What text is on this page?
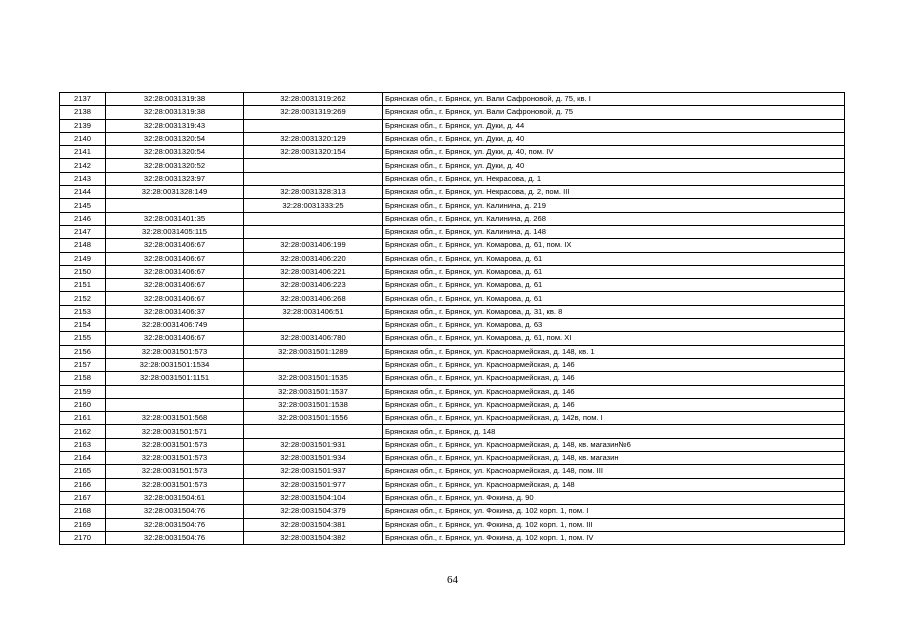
2137	32:28:0031319:38	32:28:0031319:262	Брянская обл., г. Брянск, ул. Вали Сафроновой, д. 75, кв. I
2138	32:28:0031319:38	32:28:0031319:269	Брянская обл., г. Брянск, ул. Вали Сафроновой, д. 75
2139	32:28:0031319:43		Брянская обл., г. Брянск, ул. Дуки, д. 44
2140	32:28:0031320:54	32:28:0031320:129	Брянская обл., г. Брянск, ул. Дуки, д. 40
2141	32:28:0031320:54	32:28:0031320:154	Брянская обл., г. Брянск, ул. Дуки, д. 40, пом. IV
2142	32:28:0031320:52		Брянская обл., г. Брянск, ул. Дуки, д. 40
2143	32:28:0031323:97		Брянская обл., г. Брянск, ул. Некрасова, д. 1
2144	32:28:0031328:149	32:28:0031328:313	Брянская обл., г. Брянск, ул. Некрасова, д. 2, пом. III
2145		32:28:0031333:25	Брянская обл., г. Брянск, ул. Калинина, д. 219
2146	32:28:0031401:35		Брянская обл., г. Брянск, ул. Калинина, д. 268
2147	32:28:0031405:115		Брянская обл., г. Брянск, ул. Калинина, д. 148
2148	32:28:0031406:67	32:28:0031406:199	Брянская обл., г. Брянск, ул. Комарова, д. 61, пом. IX
2149	32:28:0031406:67	32:28:0031406:220	Брянская обл., г. Брянск, ул. Комарова, д. 61
2150	32:28:0031406:67	32:28:0031406:221	Брянская обл., г. Брянск, ул. Комарова, д. 61
2151	32:28:0031406:67	32:28:0031406:223	Брянская обл., г. Брянск, ул. Комарова, д. 61
2152	32:28:0031406:67	32:28:0031406:268	Брянская обл., г. Брянск, ул. Комарова, д. 61
2153	32:28:0031406:37	32:28:0031406:51	Брянская обл., г. Брянск, ул. Комарова, д. 31, кв. 8
2154	32:28:0031406:749		Брянская обл., г. Брянск, ул. Комарова, д. 63
2155	32:28:0031406:67	32:28:0031406:780	Брянская обл., г. Брянск, ул. Комарова, д. 61, пом. XI
2156	32:28:0031501:573	32:28:0031501:1289	Брянская обл., г. Брянск, ул. Красноармейская, д. 148, кв. 1
2157	32:28:0031501:1534		Брянская обл., г. Брянск, ул. Красноармейская, д. 146
2158	32:28:0031501:1151	32:28:0031501:1535	Брянская обл., г. Брянск, ул. Красноармейская, д. 146
2159		32:28:0031501:1537	Брянская обл., г. Брянск, ул. Красноармейская, д. 146
2160		32:28:0031501:1538	Брянская обл., г. Брянск, ул. Красноармейская, д. 146
2161	32:28:0031501:568	32:28:0031501:1556	Брянская обл., г. Брянск, ул. Красноармейская, д. 142в, пом. I
2162	32:28:0031501:571		Брянская обл., г. Брянск, д. 148
2163	32:28:0031501:573	32:28:0031501:931	Брянская обл., г. Брянск, ул. Красноармейская, д. 148, кв. магазин№6
2164	32:28:0031501:573	32:28:0031501:934	Брянская обл., г. Брянск, ул. Красноармейская, д. 148, кв. магазин
2165	32:28:0031501:573	32:28:0031501:937	Брянская обл., г. Брянск, ул. Красноармейская, д. 148, пом. III
2166	32:28:0031501:573	32:28:0031501:977	Брянская обл., г. Брянск, ул. Красноармейская, д. 148
2167	32:28:0031504:61	32:28:0031504:104	Брянская обл., г. Брянск, ул. Фокина, д. 90
2168	32:28:0031504:76	32:28:0031504:379	Брянская обл., г. Брянск, ул. Фокина, д. 102 корп. 1, пом. I
2169	32:28:0031504:76	32:28:0031504:381	Брянская обл., г. Брянск, ул. Фокина, д. 102 корп. 1, пом. III
2170	32:28:0031504:76	32:28:0031504:382	Брянская обл., г. Брянск, ул. Фокина, д. 102 корп. 1, пом. IV
64
